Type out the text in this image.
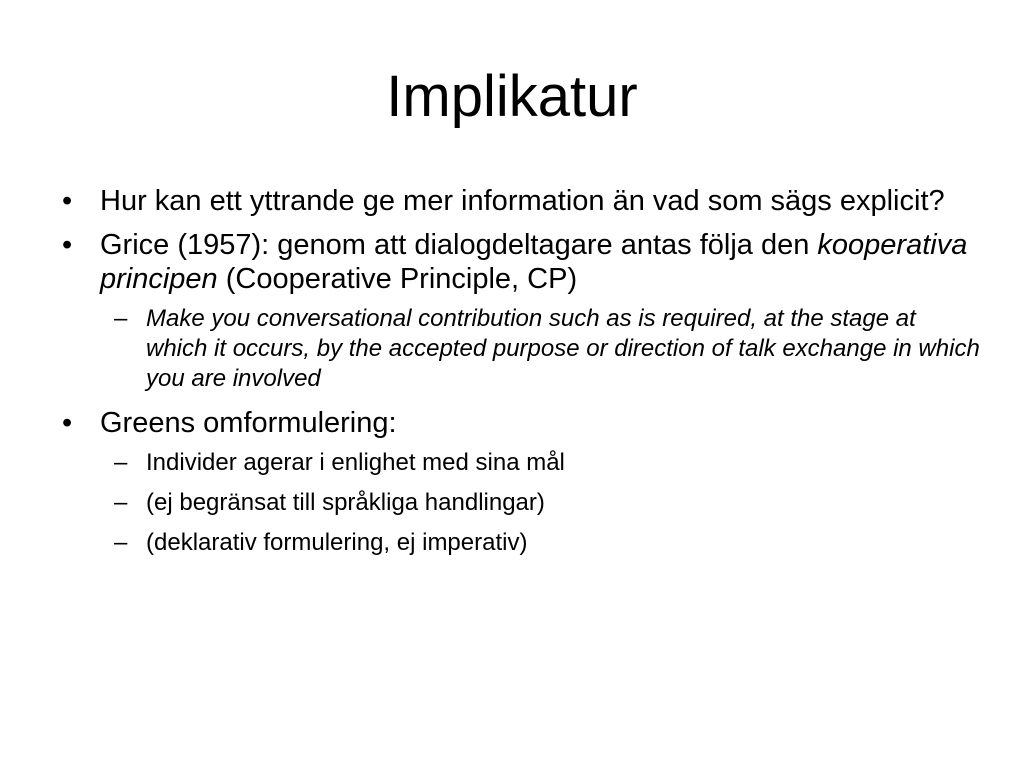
Implikatur
• Hur kan ett yttrande ge mer information än vad som sägs explicit?
• Grice (1957): genom att dialogdeltagare antas följa den kooperativa principen (Cooperative Principle, CP)
– Make you conversational contribution such as is required, at the stage at which it occurs, by the accepted purpose or direction of talk exchange in which you are involved
• Greens omformulering:
– Individer agerar i enlighet med sina mål
– (ej begränsat till språkliga handlingar)
– (deklarativ formulering, ej imperativ)
